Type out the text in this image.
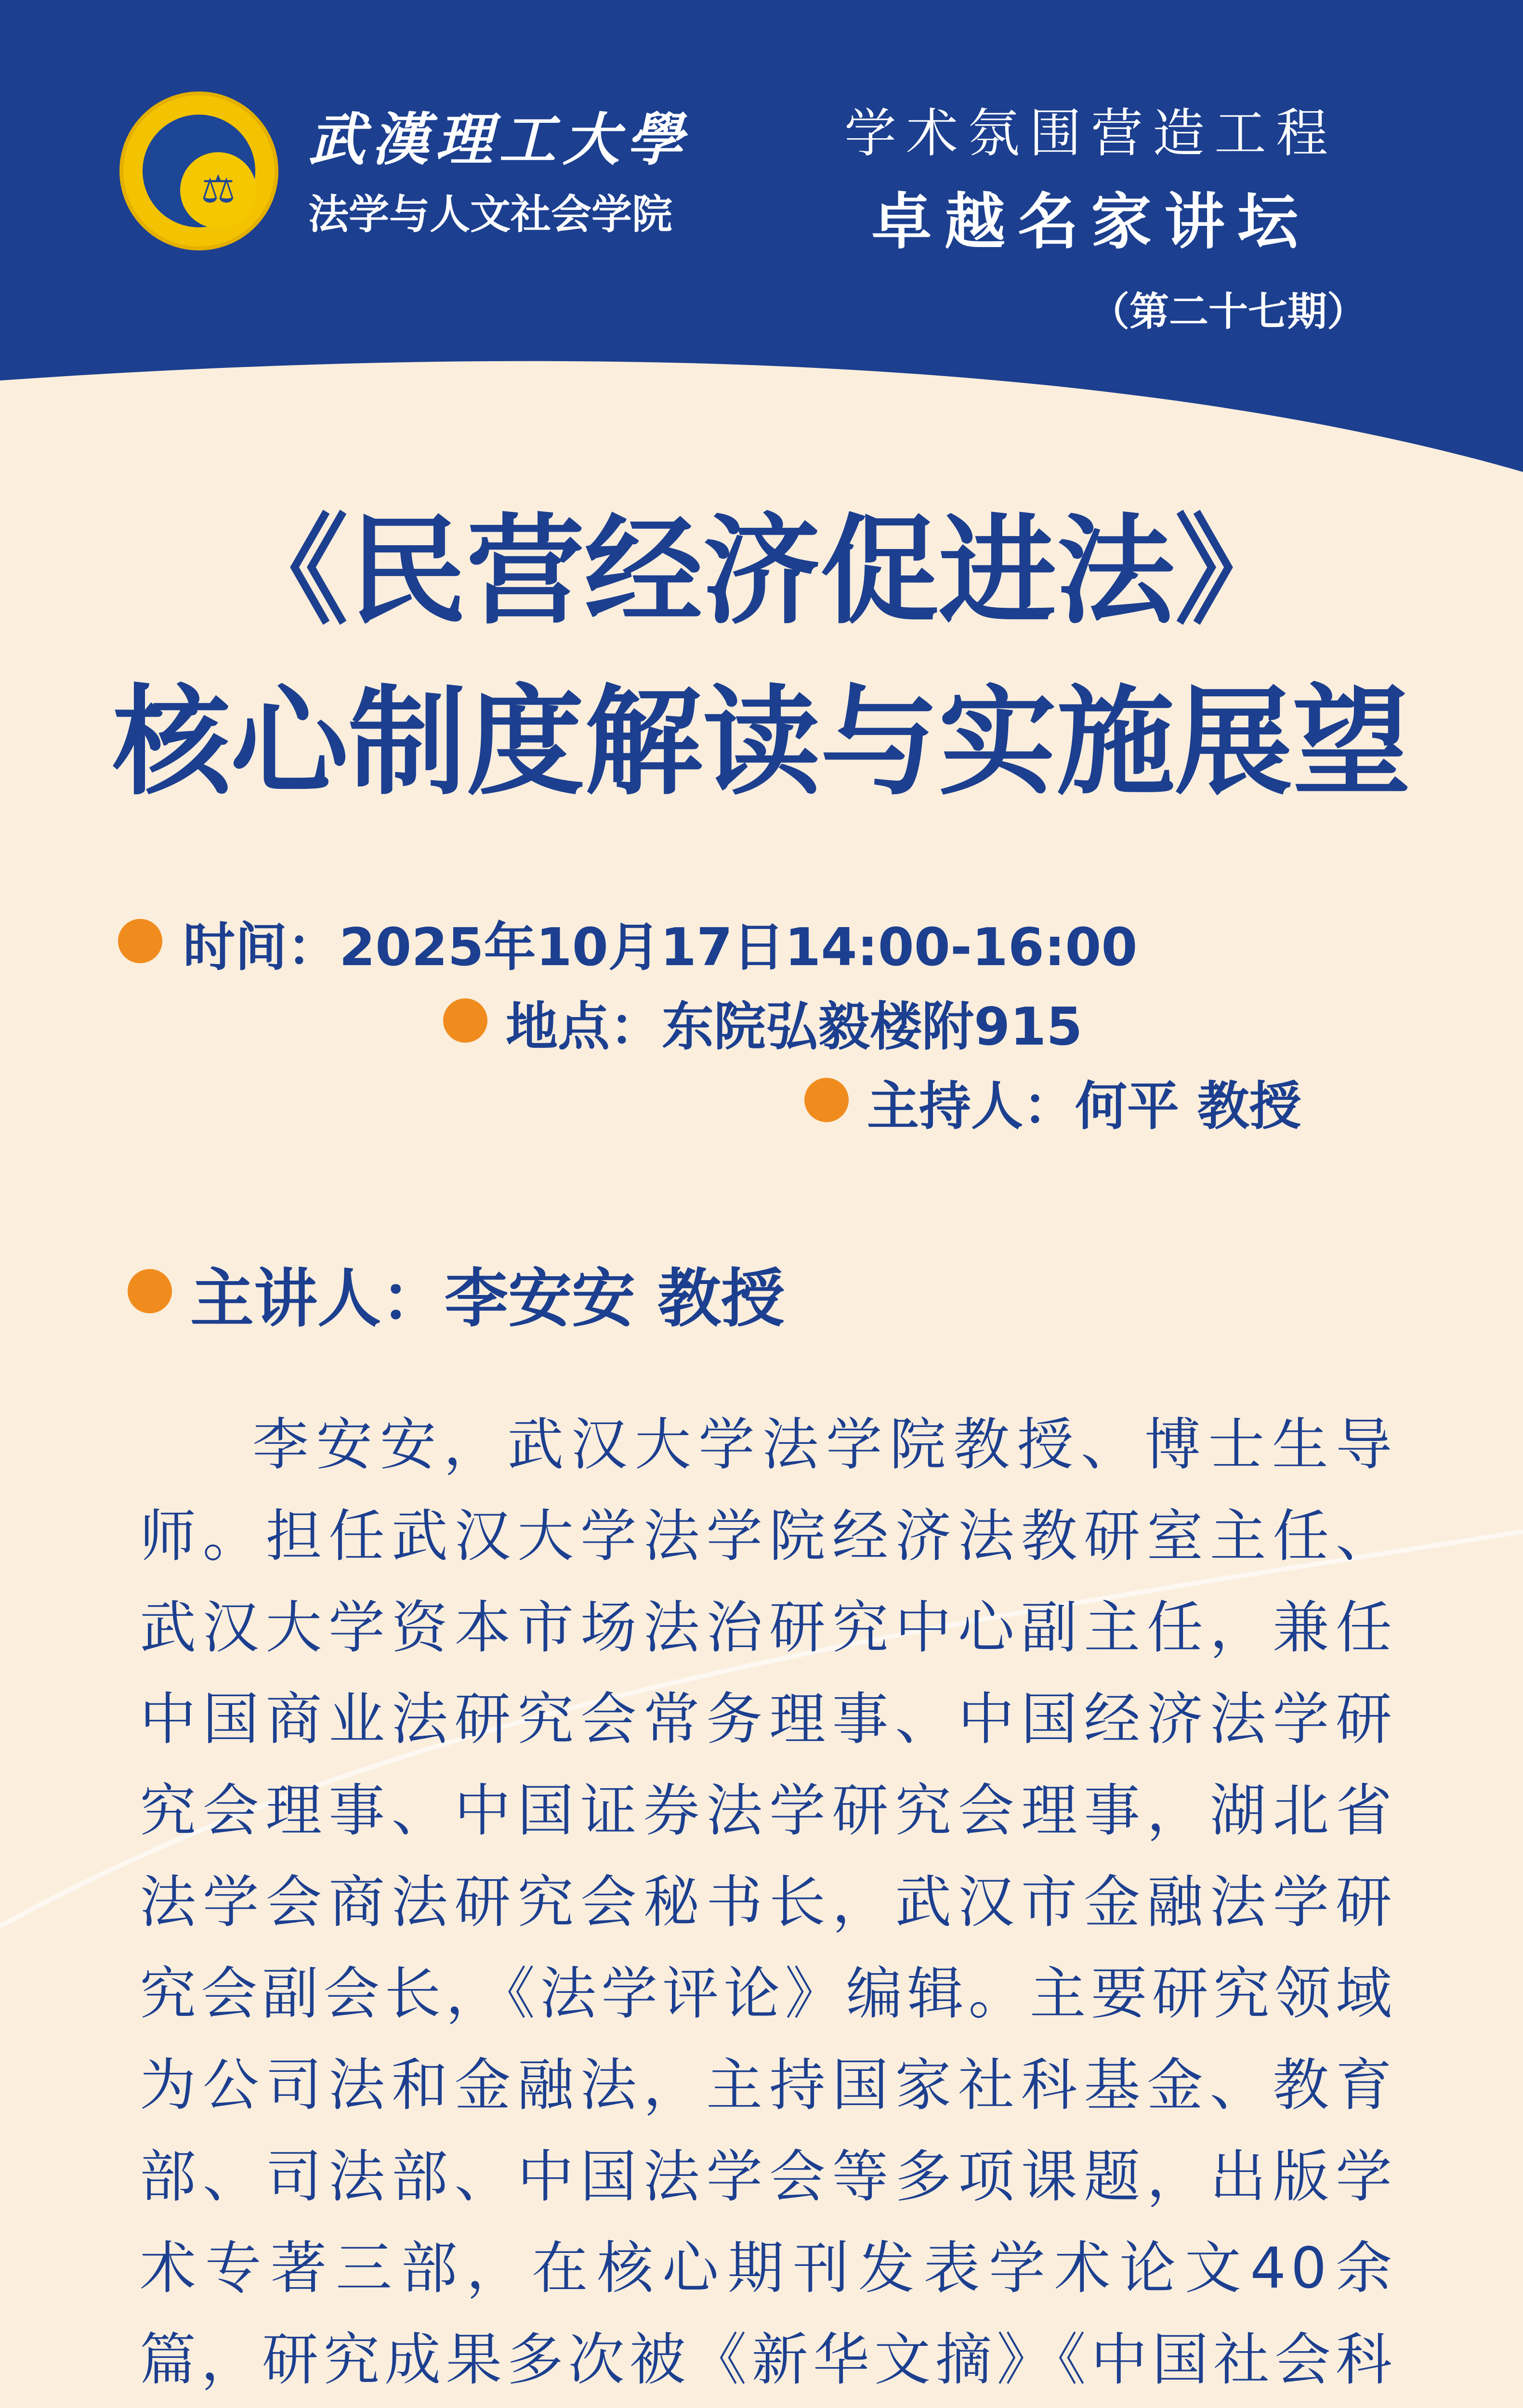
⚖
武漢理工大學
法学与人文社会学院
学术氛围营造工程
卓越名家讲坛
（第二十七期）
《民营经济促进法》
核心制度解读与实施展望
时间：2025年10月17日14:00-16:00
地点：东院弘毅楼附915
主持人：何平 教授
主讲人：李安安 教授
李安安，武汉大学法学院教授、博士生导师。担任武汉大学法学院经济法教研室主任、武汉大学资本市场法治研究中心副主任，兼任中国商业法研究会常务理事、中国经济法学研究会理事、中国证券法学研究会理事，湖北省法学会商法研究会秘书长，武汉市金融法学研究会副会长，《法学评论》编辑。主要研究领域为公司法和金融法，主持国家社科基金、教育部、司法部、中国法学会等多项课题，出版学术专著三部，在核心期刊发表学术论文40余篇，研究成果多次被《新华文摘》《中国社会科
